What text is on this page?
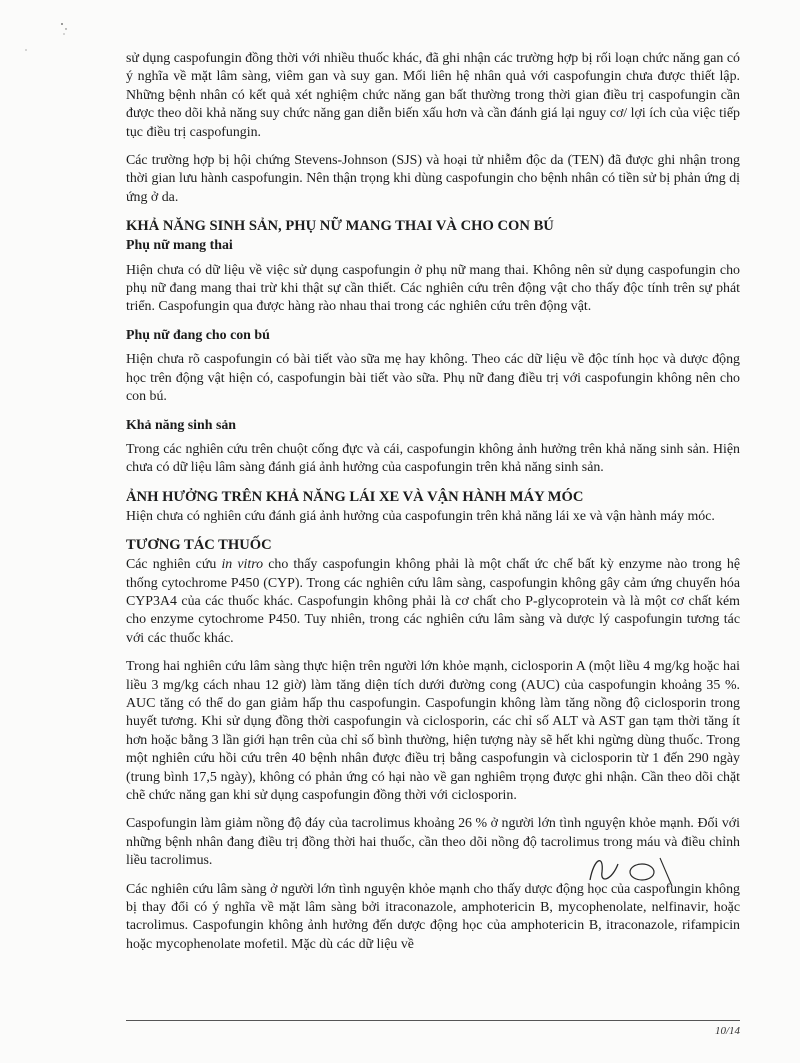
sử dụng caspofungin đồng thời với nhiều thuốc khác, đã ghi nhận các trường hợp bị rối loạn chức năng gan có ý nghĩa về mặt lâm sàng, viêm gan và suy gan. Mối liên hệ nhân quả với caspofungin chưa được thiết lập. Những bệnh nhân có kết quả xét nghiệm chức năng gan bất thường trong thời gian điều trị caspofungin cần được theo dõi khả năng suy chức năng gan diễn biến xấu hơn và cần đánh giá lại nguy cơ/ lợi ích của việc tiếp tục điều trị caspofungin.

Các trường hợp bị hội chứng Stevens-Johnson (SJS) và hoại tử nhiễm độc da (TEN) đã được ghi nhận trong thời gian lưu hành caspofungin. Nên thận trọng khi dùng caspofungin cho bệnh nhân có tiền sử bị phản ứng dị ứng ở da.

KHẢ NĂNG SINH SẢN, PHỤ NỮ MANG THAI VÀ CHO CON BÚ
Phụ nữ mang thai

Hiện chưa có dữ liệu về việc sử dụng caspofungin ở phụ nữ mang thai. Không nên sử dụng caspofungin cho phụ nữ đang mang thai trừ khi thật sự cần thiết. Các nghiên cứu trên động vật cho thấy độc tính trên sự phát triển. Caspofungin qua được hàng rào nhau thai trong các nghiên cứu trên động vật.

Phụ nữ đang cho con bú

Hiện chưa rõ caspofungin có bài tiết vào sữa mẹ hay không. Theo các dữ liệu về độc tính học và dược động học trên động vật hiện có, caspofungin bài tiết vào sữa. Phụ nữ đang điều trị với caspofungin không nên cho con bú.

Khả năng sinh sản

Trong các nghiên cứu trên chuột cống đực và cái, caspofungin không ảnh hưởng trên khả năng sinh sản. Hiện chưa có dữ liệu lâm sàng đánh giá ảnh hưởng của caspofungin trên khả năng sinh sản.

ẢNH HƯỞNG TRÊN KHẢ NĂNG LÁI XE VÀ VẬN HÀNH MÁY MÓC

Hiện chưa có nghiên cứu đánh giá ảnh hưởng của caspofungin trên khả năng lái xe và vận hành máy móc.

TƯƠNG TÁC THUỐC

Các nghiên cứu in vitro cho thấy caspofungin không phải là một chất ức chế bất kỳ enzyme nào trong hệ thống cytochrome P450 (CYP). Trong các nghiên cứu lâm sàng, caspofungin không gây cảm ứng chuyển hóa CYP3A4 của các thuốc khác. Caspofungin không phải là cơ chất cho P-glycoprotein và là một cơ chất kém cho enzyme cytochrome P450. Tuy nhiên, trong các nghiên cứu lâm sàng và dược lý caspofungin tương tác với các thuốc khác.

Trong hai nghiên cứu lâm sàng thực hiện trên người lớn khỏe mạnh, ciclosporin A (một liều 4 mg/kg hoặc hai liều 3 mg/kg cách nhau 12 giờ) làm tăng diện tích dưới đường cong (AUC) của caspofungin khoảng 35 %. AUC tăng có thể do gan giảm hấp thu caspofungin. Caspofungin không làm tăng nồng độ ciclosporin trong huyết tương. Khi sử dụng đồng thời caspofungin và ciclosporin, các chỉ số ALT và AST gan tạm thời tăng ít hơn hoặc bằng 3 lần giới hạn trên của chỉ số bình thường, hiện tượng này sẽ hết khi ngừng dùng thuốc. Trong một nghiên cứu hồi cứu trên 40 bệnh nhân được điều trị bằng caspofungin và ciclosporin từ 1 đến 290 ngày (trung bình 17,5 ngày), không có phản ứng có hại nào về gan nghiêm trọng được ghi nhận. Cần theo dõi chặt chẽ chức năng gan khi sử dụng caspofungin đồng thời với ciclosporin.

Caspofungin làm giảm nồng độ đáy của tacrolimus khoảng 26 % ở người lớn tình nguyện khỏe mạnh. Đối với những bệnh nhân đang điều trị đồng thời hai thuốc, cần theo dõi nồng độ tacrolimus trong máu và điều chỉnh liều tacrolimus.

Các nghiên cứu lâm sàng ở người lớn tình nguyện khỏe mạnh cho thấy dược động học của caspofungin không bị thay đổi có ý nghĩa về mặt lâm sàng bởi itraconazole, amphotericin B, mycophenolate, nelfinavir, hoặc tacrolimus. Caspofungin không ảnh hưởng đến dược động học của amphotericin B, itraconazole, rifampicin hoặc mycophenolate mofetil. Mặc dù các dữ liệu về

10/14
